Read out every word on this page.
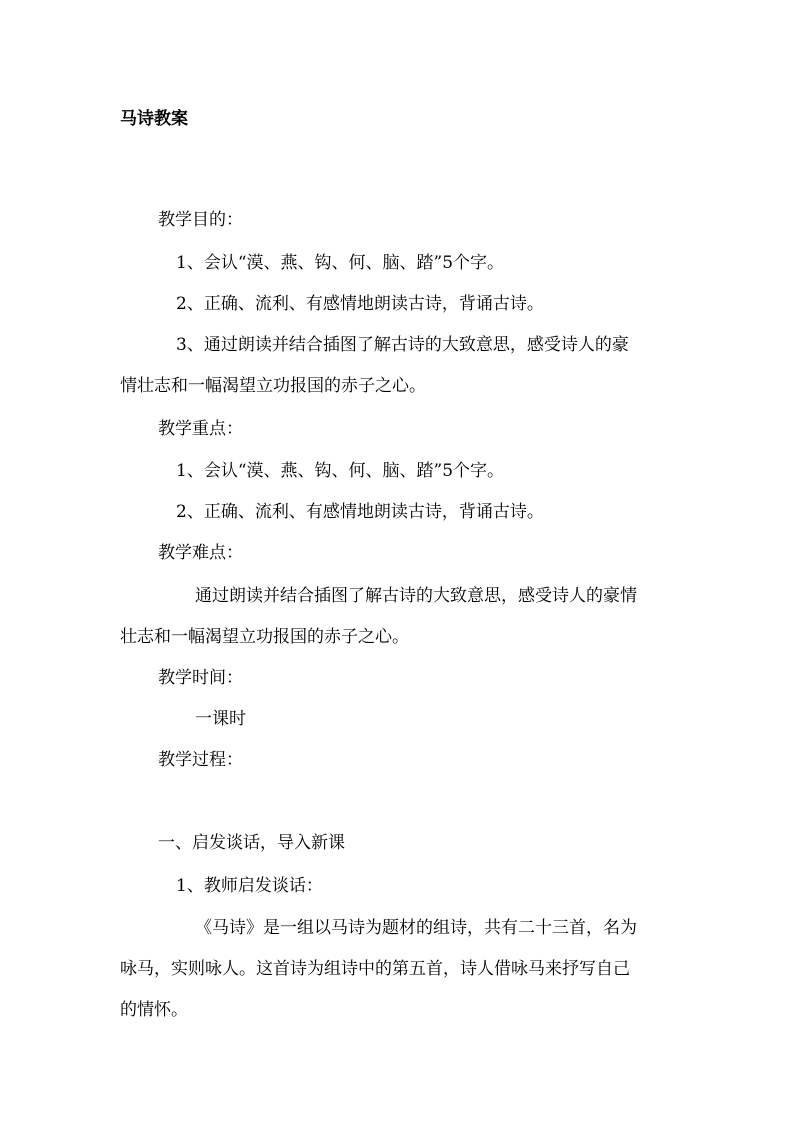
马诗教案

教学目的：

1、会认“漠、燕、钩、何、脑、踏”5个字。

2、正确、流利、有感情地朗读古诗，背诵古诗。

3、通过朗读并结合插图了解古诗的大致意思，感受诗人的豪

情壮志和一幅渴望立功报国的赤子之心。

教学重点：

1、会认“漠、燕、钩、何、脑、踏”5个字。

2、正确、流利、有感情地朗读古诗，背诵古诗。

教学难点：

通过朗读并结合插图了解古诗的大致意思，感受诗人的豪情

壮志和一幅渴望立功报国的赤子之心。

教学时间：

一课时

教学过程：

一、启发谈话，导入新课

1、教师启发谈话：

《马诗》是一组以马诗为题材的组诗，共有二十三首，名为

咏马，实则咏人。这首诗为组诗中的第五首，诗人借咏马来抒写自己

的情怀。
